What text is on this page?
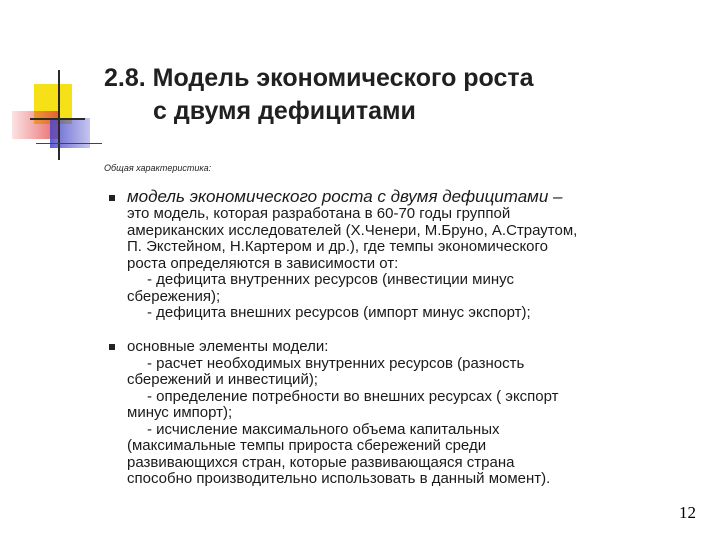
2.8. Модель экономического роста
с двумя дефицитами
Общая характеристика:
модель экономического роста с двумя дефицитами –
это модель, которая разработана в 60-70 годы группой
американских исследователей (Х.Ченери, М.Бруно, А.Страутом,
П. Экстейном, Н.Картером и др.), где темпы экономического
роста определяются в зависимости от:
- дефицита внутренних ресурсов (инвестиции минус
сбережения);
- дефицита внешних ресурсов (импорт минус экспорт);
основные элементы модели:
- расчет необходимых внутренних ресурсов (разность
сбережений и инвестиций);
- определение потребности во внешних ресурсах ( экспорт
минус импорт);
- исчисление максимального объема капитальных
(максимальные темпы прироста сбережений среди
развивающихся стран, которые развивающаяся страна
способно производительно использовать в данный момент).
12
